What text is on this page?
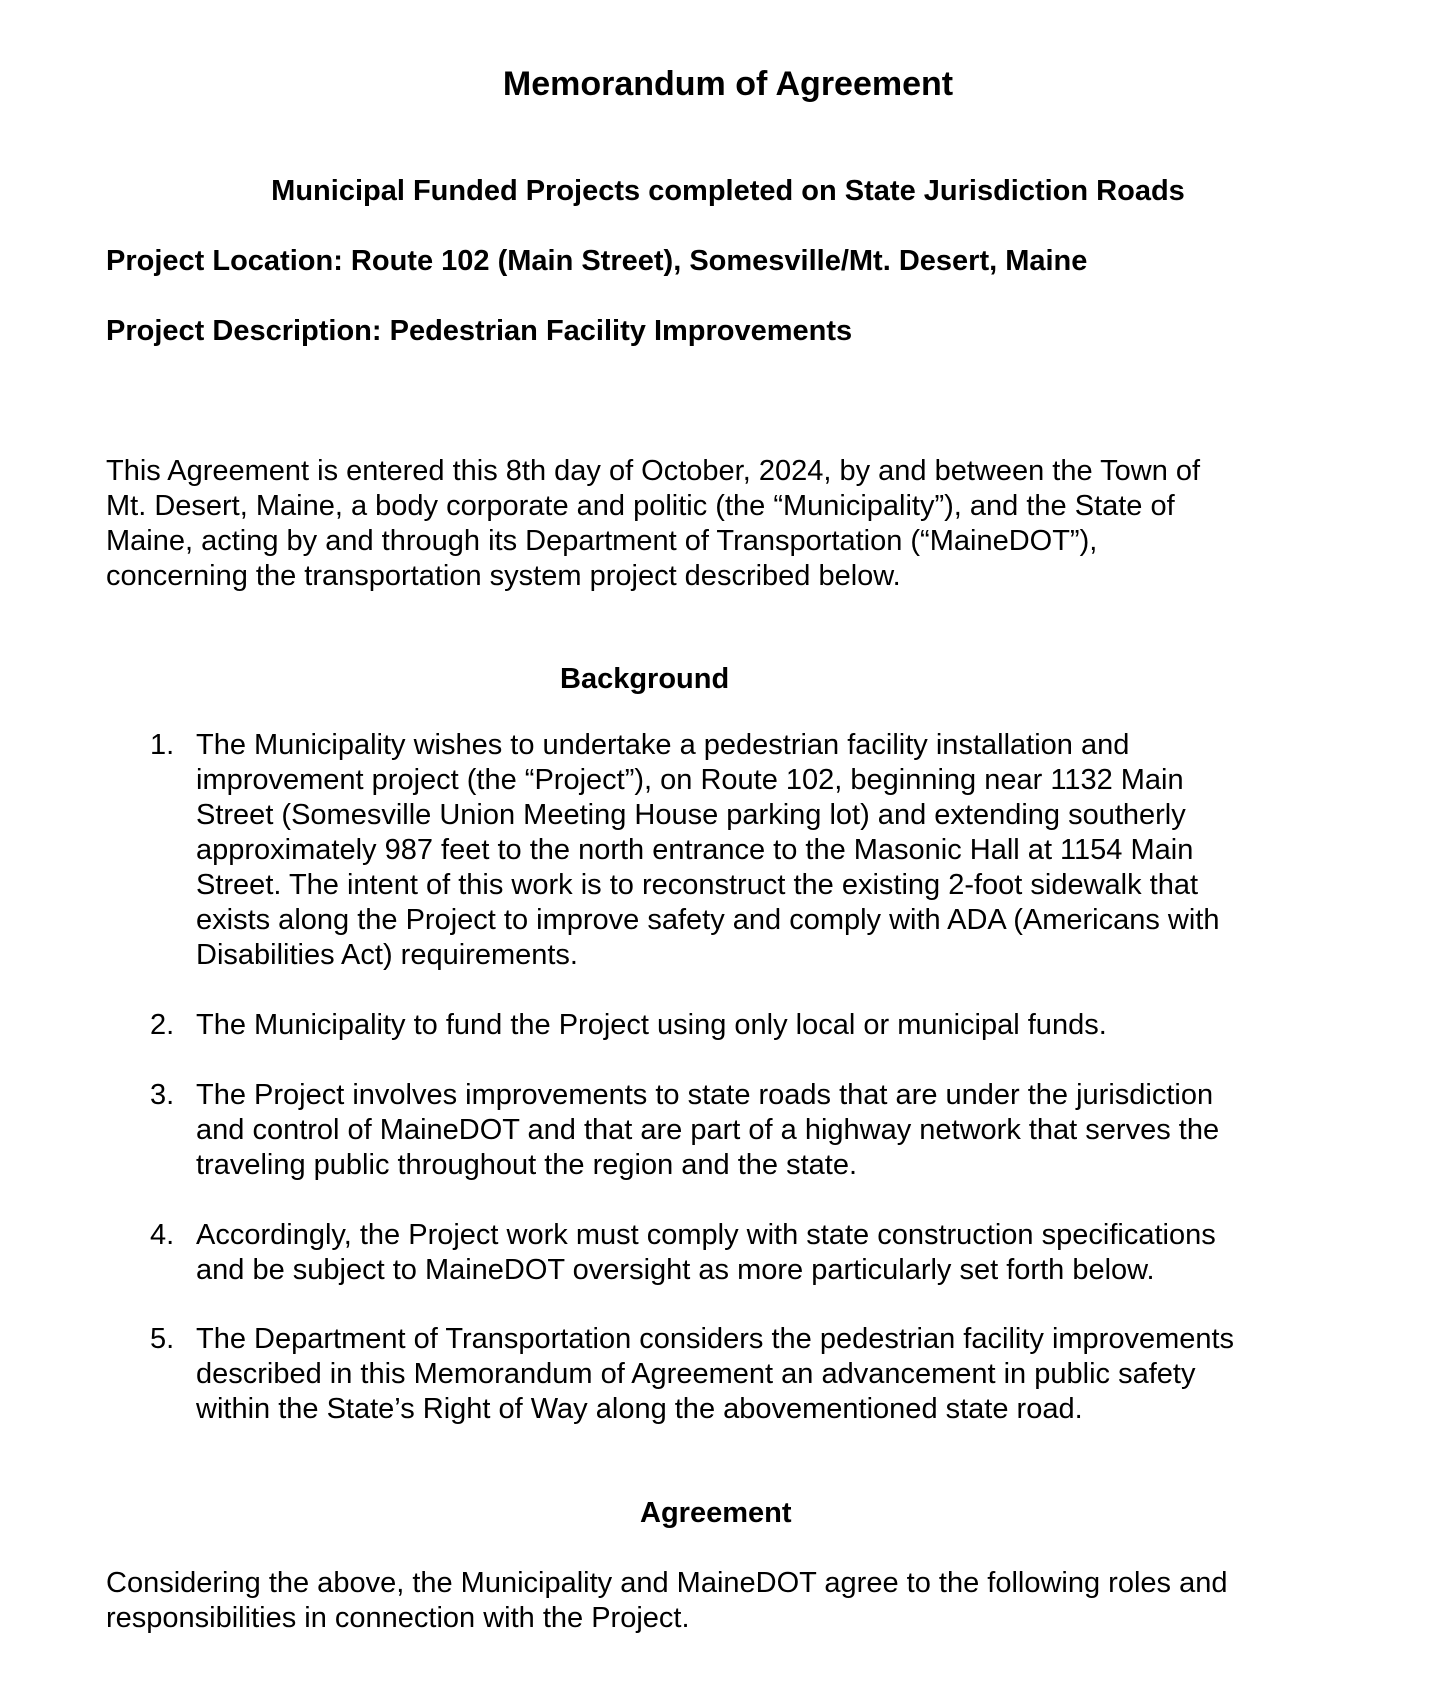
Memorandum of Agreement
Municipal Funded Projects completed on State Jurisdiction Roads
Project Location: Route 102 (Main Street), Somesville/Mt. Desert, Maine
Project Description: Pedestrian Facility Improvements
This Agreement is entered this 8th day of October, 2024, by and between the Town of
Mt. Desert, Maine, a body corporate and politic (the “Municipality”), and the State of
Maine, acting by and through its Department of Transportation (“MaineDOT”),
concerning the transportation system project described below.
Background
1. The Municipality wishes to undertake a pedestrian facility installation and
improvement project (the “Project”), on Route 102, beginning near 1132 Main
Street (Somesville Union Meeting House parking lot) and extending southerly
approximately 987 feet to the north entrance to the Masonic Hall at 1154 Main
Street. The intent of this work is to reconstruct the existing 2-foot sidewalk that
exists along the Project to improve safety and comply with ADA (Americans with
Disabilities Act) requirements.
2. The Municipality to fund the Project using only local or municipal funds.
3. The Project involves improvements to state roads that are under the jurisdiction
and control of MaineDOT and that are part of a highway network that serves the
traveling public throughout the region and the state.
4. Accordingly, the Project work must comply with state construction specifications
and be subject to MaineDOT oversight as more particularly set forth below.
5. The Department of Transportation considers the pedestrian facility improvements
described in this Memorandum of Agreement an advancement in public safety
within the State’s Right of Way along the abovementioned state road.
Agreement
Considering the above, the Municipality and MaineDOT agree to the following roles and
responsibilities in connection with the Project.
